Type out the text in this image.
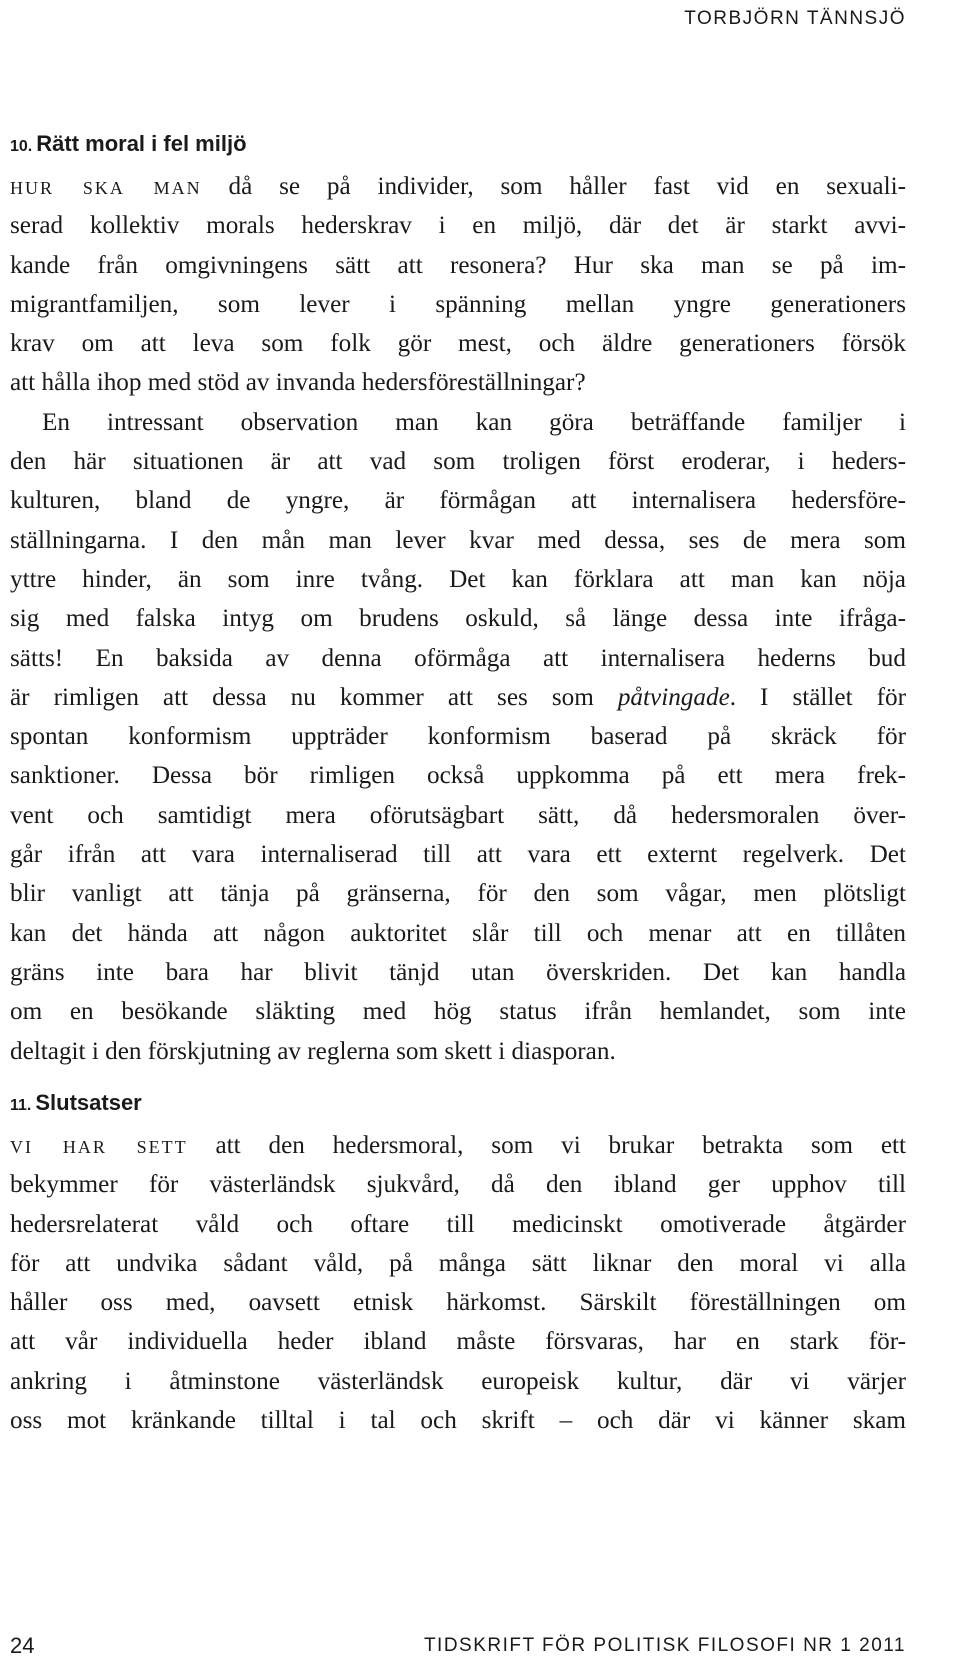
TORBJÖRN TÄNNSJÖ
10. Rätt moral i fel miljö
hur ska man då se på individer, som håller fast vid en sexuali-
serad kollektiv morals hederskrav i en miljö, där det är starkt avvi-
kande från omgivningens sätt att resonera? Hur ska man se på im-
migrantfamiljen, som lever i spänning mellan yngre generationers
krav om att leva som folk gör mest, och äldre generationers försök
att hålla ihop med stöd av invanda hedersföreställningar?
En intressant observation man kan göra beträffande familjer i
den här situationen är att vad som troligen först eroderar, i heders-
kulturen, bland de yngre, är förmågan att internalisera hedersföre-
ställningarna. I den mån man lever kvar med dessa, ses de mera som
yttre hinder, än som inre tvång. Det kan förklara att man kan nöja
sig med falska intyg om brudens oskuld, så länge dessa inte ifråga-
sätts! En baksida av denna oförmåga att internalisera hederns bud
är rimligen att dessa nu kommer att ses som påtvingade. I stället för
spontan konformism uppträder konformism baserad på skräck för
sanktioner. Dessa bör rimligen också uppkomma på ett mera frek-
vent och samtidigt mera oförutsägbart sätt, då hedersmoralen över-
går ifrån att vara internaliserad till att vara ett externt regelverk. Det
blir vanligt att tänja på gränserna, för den som vågar, men plötsligt
kan det hända att någon auktoritet slår till och menar att en tillåten
gräns inte bara har blivit tänjd utan överskriden. Det kan handla
om en besökande släkting med hög status ifrån hemlandet, som inte
deltagit i den förskjutning av reglerna som skett i diasporan.
11. Slutsatser
vi har sett att den hedersmoral, som vi brukar betrakta som ett
bekymmer för västerländsk sjukvård, då den ibland ger upphov till
hedersrelaterat våld och oftare till medicinskt omotiverade åtgärder
för att undvika sådant våld, på många sätt liknar den moral vi alla
håller oss med, oavsett etnisk härkomst. Särskilt föreställningen om
att vår individuella heder ibland måste försvaras, har en stark för-
ankring i åtminstone västerländsk europeisk kultur, där vi värjer
oss mot kränkande tilltal i tal och skrift – och där vi känner skam
24	TIDSKRIFT FÖR POLITISK FILOSOFI NR 1 2011
